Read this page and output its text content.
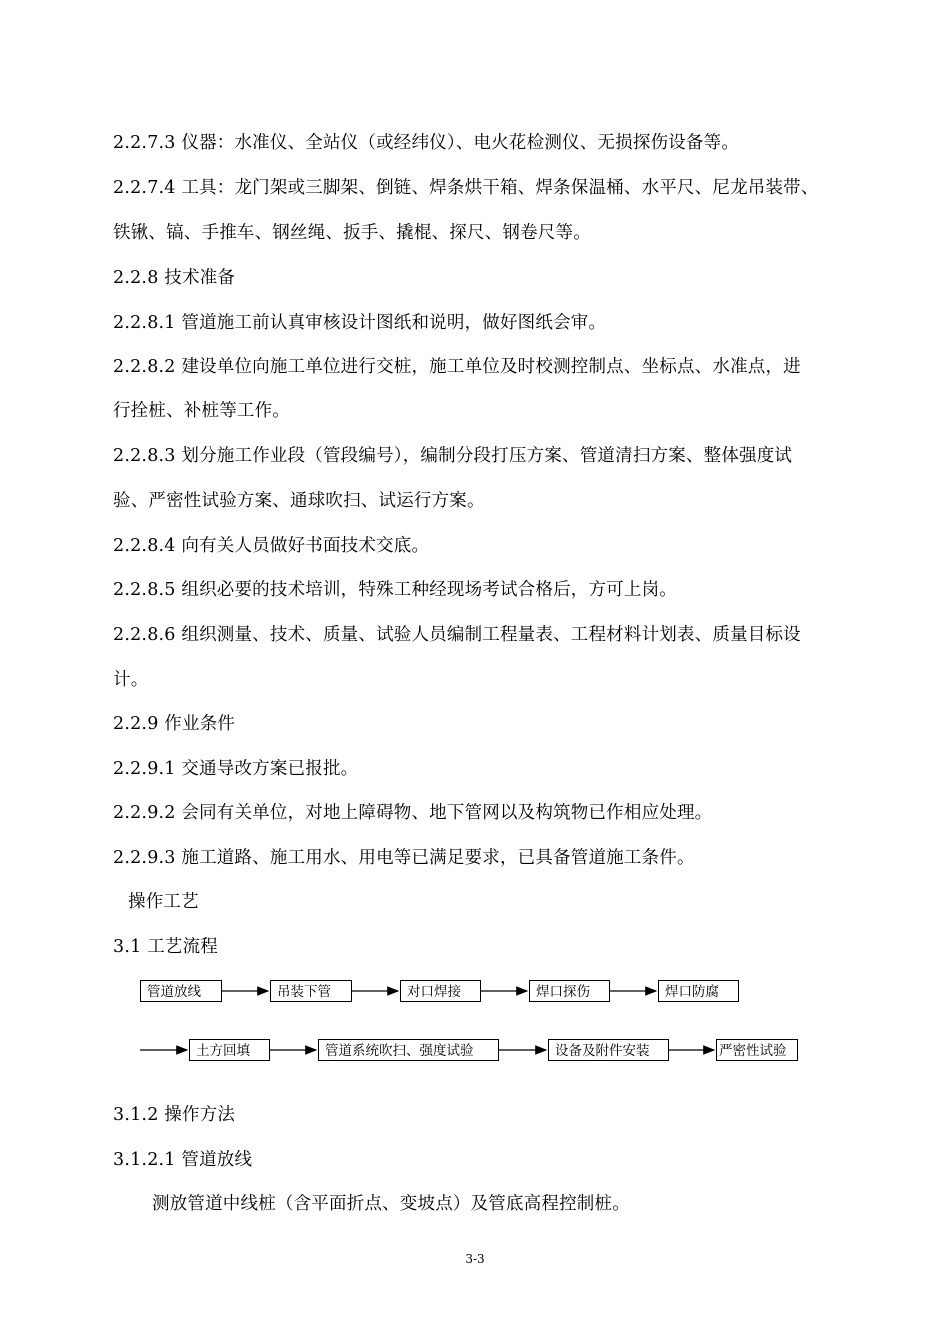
2.2.7.3 仪器：水准仪、全站仪（或经纬仪）、电火花检测仪、无损探伤设备等。
2.2.7.4 工具：龙门架或三脚架、倒链、焊条烘干箱、焊条保温桶、水平尺、尼龙吊装带、
铁锹、镐、手推车、钢丝绳、扳手、撬棍、探尺、钢卷尺等。
2.2.8 技术准备
2.2.8.1 管道施工前认真审核设计图纸和说明，做好图纸会审。
2.2.8.2 建设单位向施工单位进行交桩，施工单位及时校测控制点、坐标点、水准点，进
行拴桩、补桩等工作。
2.2.8.3 划分施工作业段（管段编号），编制分段打压方案、管道清扫方案、整体强度试
验、严密性试验方案、通球吹扫、试运行方案。
2.2.8.4 向有关人员做好书面技术交底。
2.2.8.5 组织必要的技术培训，特殊工种经现场考试合格后，方可上岗。
2.2.8.6 组织测量、技术、质量、试验人员编制工程量表、工程材料计划表、质量目标设
计。
2.2.9 作业条件
2.2.9.1 交通导改方案已报批。
2.2.9.2 会同有关单位，对地上障碍物、地下管网以及构筑物已作相应处理。
2.2.9.3 施工道路、施工用水、用电等已满足要求，已具备管道施工条件。
操作工艺
3.1 工艺流程
管道放线	吊装下管	对口焊接	焊口探伤	焊口防腐
土方回填	管道系统吹扫、强度试验	设备及附件安装	严密性试验
3.1.2 操作方法
3.1.2.1 管道放线
测放管道中线桩（含平面折点、变坡点）及管底高程控制桩。
3-3
